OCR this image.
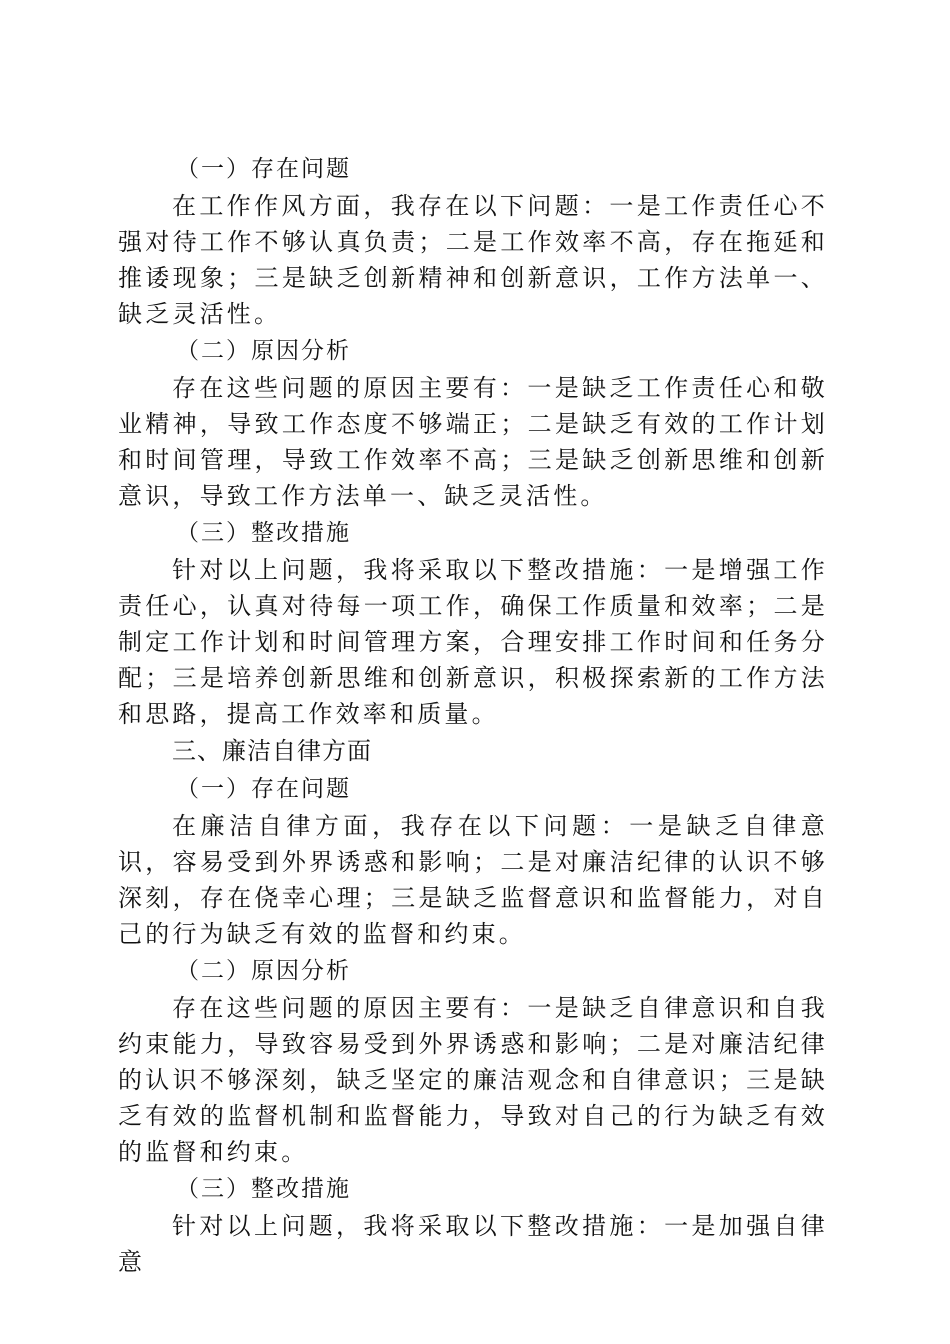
（一）存在问题

在工作作风方面，我存在以下问题：一是工作责任心不强对待工作不够认真负责；二是工作效率不高，存在拖延和推诿现象；三是缺乏创新精神和创新意识，工作方法单一、缺乏灵活性。

（二）原因分析

存在这些问题的原因主要有：一是缺乏工作责任心和敬业精神，导致工作态度不够端正；二是缺乏有效的工作计划和时间管理，导致工作效率不高；三是缺乏创新思维和创新意识，导致工作方法单一、缺乏灵活性。

（三）整改措施

针对以上问题，我将采取以下整改措施：一是增强工作责任心，认真对待每一项工作，确保工作质量和效率；二是制定工作计划和时间管理方案，合理安排工作时间和任务分配；三是培养创新思维和创新意识，积极探索新的工作方法和思路，提高工作效率和质量。

三、廉洁自律方面

（一）存在问题

在廉洁自律方面，我存在以下问题：一是缺乏自律意识，容易受到外界诱惑和影响；二是对廉洁纪律的认识不够深刻，存在侥幸心理；三是缺乏监督意识和监督能力，对自己的行为缺乏有效的监督和约束。

（二）原因分析

存在这些问题的原因主要有：一是缺乏自律意识和自我约束能力，导致容易受到外界诱惑和影响；二是对廉洁纪律的认识不够深刻，缺乏坚定的廉洁观念和自律意识；三是缺乏有效的监督机制和监督能力，导致对自己的行为缺乏有效的监督和约束。

（三）整改措施

针对以上问题，我将采取以下整改措施：一是加强自律意
